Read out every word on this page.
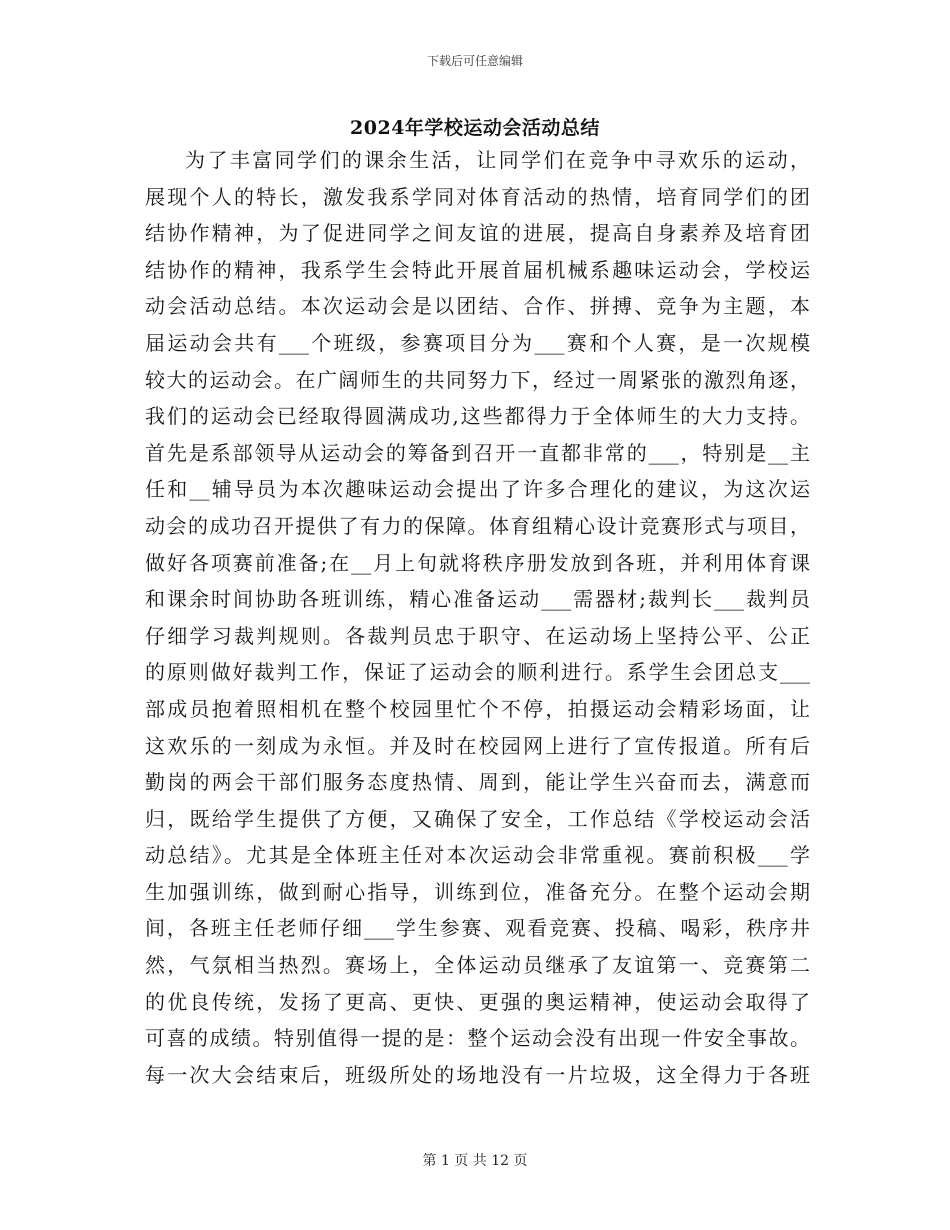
下载后可任意编辑
2024年学校运动会活动总结
为了丰富同学们的课余生活，让同学们在竞争中寻欢乐的运动，
展现个人的特长，激发我系学同对体育活动的热情，培育同学们的团
结协作精神，为了促进同学之间友谊的进展，提高自身素养及培育团
结协作的精神，我系学生会特此开展首届机械系趣味运动会，学校运
动会活动总结。本次运动会是以团结、合作、拼搏、竞争为主题，本
届运动会共有___个班级，参赛项目分为___赛和个人赛，是一次规模
较大的运动会。在广阔师生的共同努力下，经过一周紧张的激烈角逐，
我们的运动会已经取得圆满成功,这些都得力于全体师生的大力支持。
首先是系部领导从运动会的筹备到召开一直都非常的___，特别是__主
任和__辅导员为本次趣味运动会提出了许多合理化的建议，为这次运
动会的成功召开提供了有力的保障。体育组精心设计竞赛形式与项目，
做好各项赛前准备;在__月上旬就将秩序册发放到各班，并利用体育课
和课余时间协助各班训练，精心准备运动___需器材;裁判长___裁判员
仔细学习裁判规则。各裁判员忠于职守、在运动场上坚持公平、公正
的原则做好裁判工作，保证了运动会的顺利进行。系学生会团总支___
部成员抱着照相机在整个校园里忙个不停，拍摄运动会精彩场面，让
这欢乐的一刻成为永恒。并及时在校园网上进行了宣传报道。所有后
勤岗的两会干部们服务态度热情、周到，能让学生兴奋而去，满意而
归，既给学生提供了方便，又确保了安全，工作总结《学校运动会活
动总结》。尤其是全体班主任对本次运动会非常重视。赛前积极___学
生加强训练，做到耐心指导，训练到位，准备充分。在整个运动会期
间，各班主任老师仔细___学生参赛、观看竞赛、投稿、喝彩，秩序井
然，气氛相当热烈。赛场上，全体运动员继承了友谊第一、竞赛第二
的优良传统，发扬了更高、更快、更强的奥运精神，使运动会取得了
可喜的成绩。特别值得一提的是：整个运动会没有出现一件安全事故。
每一次大会结束后，班级所处的场地没有一片垃圾，这全得力于各班
第 1 页 共 12 页
